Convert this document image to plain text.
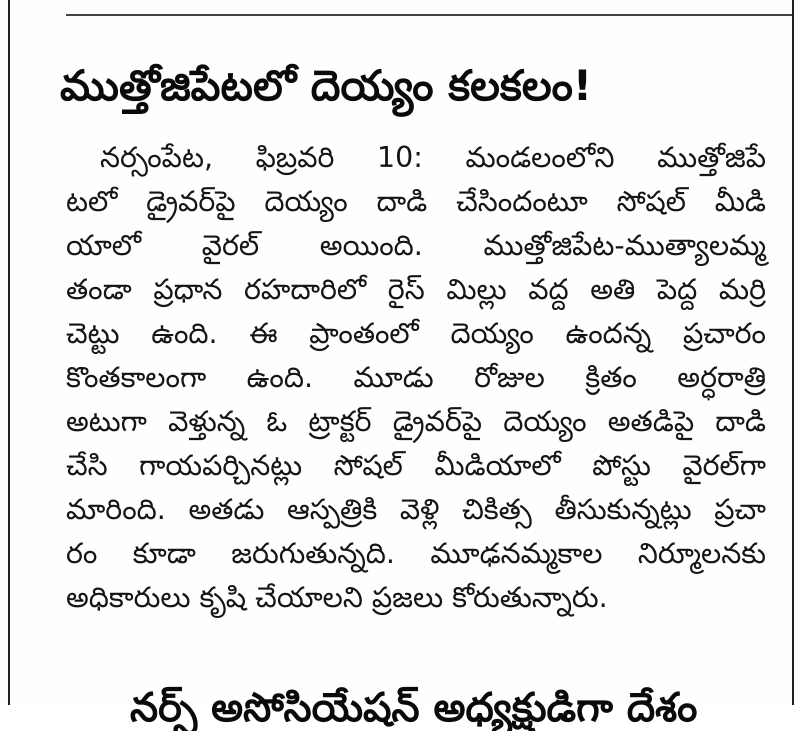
ముత్తోజిపేటలో దెయ్యం కలకలం!
నర్సంపేట, ఫిబ్రవరి 10: మండలంలోని ముత్తోజిపే
టలో డ్రైవర్‌పై దెయ్యం దాడి చేసిందంటూ సోషల్ మీడి
యాలో వైరల్ అయింది. ముత్తోజిపేట-ముత్యాలమ్మ
తండా ప్రధాన రహదారిలో రైస్ మిల్లు వద్ద అతి పెద్ద మర్రి
చెట్టు ఉంది. ఈ ప్రాంతంలో దెయ్యం ఉందన్న ప్రచారం
కొంతకాలంగా ఉంది. మూడు రోజుల క్రితం అర్ధరాత్రి
అటుగా వెళ్తున్న ఓ ట్రాక్టర్ డ్రైవర్‌పై దెయ్యం అతడిపై దాడి
చేసి గాయపర్చినట్లు సోషల్ మీడియాలో పోస్టు వైరల్‌గా
మారింది. అతడు ఆస్పత్రికి వెళ్లి చికిత్స తీసుకున్నట్లు ప్రచా
రం కూడా జరుగుతున్నది. మూఢనమ్మకాల నిర్మూలనకు
అధికారులు కృషి చేయాలని ప్రజలు కోరుతున్నారు.
నర్స్ అసోసియేషన్ అధ్యక్షుడిగా దేశం
